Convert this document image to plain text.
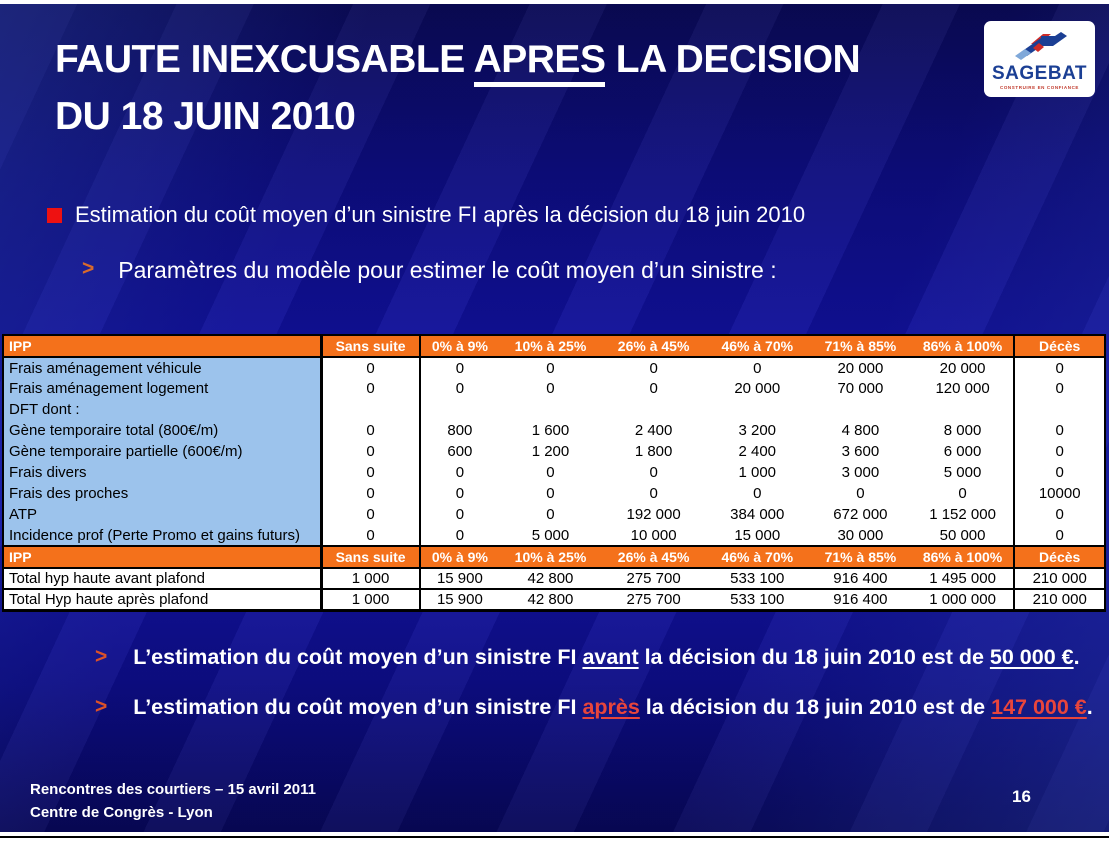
FAUTE INEXCUSABLE APRES LA DECISION
DU 18 JUIN 2010
SAGEBAT
CONSTRUIRE EN CONFIANCE
Estimation du coût moyen d’un sinistre FI après la décision du 18 juin 2010
> Paramètres du modèle pour estimer le coût moyen d’un sinistre :
IPP	Sans suite	0% à 9%	10% à 25%	26% à 45%	46% à 70%	71% à 85%	86% à 100%	Décès
Frais aménagement véhicule	0	0	0	0	0	20 000	20 000	0
Frais aménagement logement	0	0	0	0	20 000	70 000	120 000	0
DFT dont :								
Gène temporaire total (800€/m)	0	800	1 600	2 400	3 200	4 800	8 000	0
Gène temporaire partielle (600€/m)	0	600	1 200	1 800	2 400	3 600	6 000	0
Frais divers	0	0	0	0	1 000	3 000	5 000	0
Frais des proches	0	0	0	0	0	0	0	10000
ATP	0	0	0	192 000	384 000	672 000	1 152 000	0
Incidence prof (Perte Promo et gains futurs)	0	0	5 000	10 000	15 000	30 000	50 000	0
IPP	Sans suite	0% à 9%	10% à 25%	26% à 45%	46% à 70%	71% à 85%	86% à 100%	Décès
Total hyp haute avant plafond	1 000	15 900	42 800	275 700	533 100	916 400	1 495 000	210 000
Total Hyp haute après plafond	1 000	15 900	42 800	275 700	533 100	916 400	1 000 000	210 000
> L’estimation du coût moyen d’un sinistre FI avant la décision du 18 juin 2010 est de 50 000 €.
> L’estimation du coût moyen d’un sinistre FI après la décision du 18 juin 2010 est de 147 000 €.
Rencontres des courtiers – 15 avril 2011
Centre de Congrès - Lyon
16
